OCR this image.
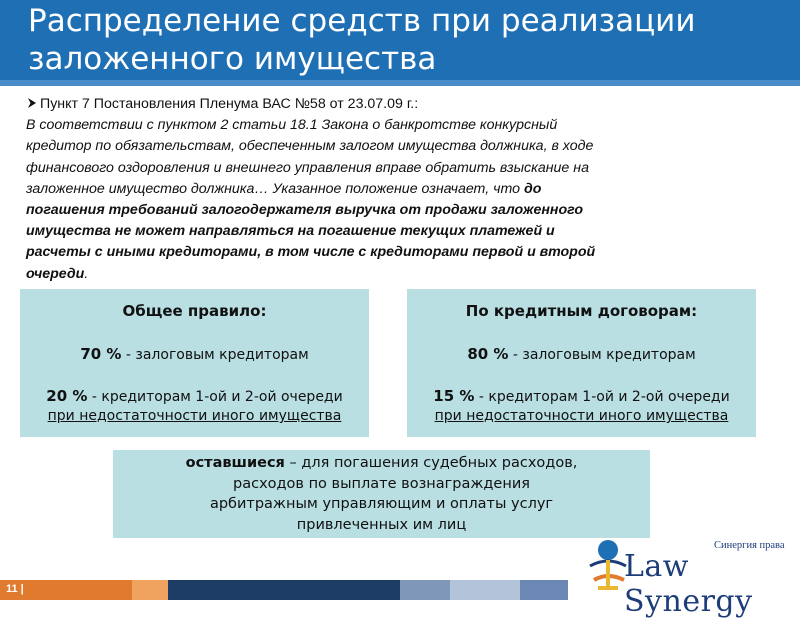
Распределение средств при реализации
заложенного имущества
Пункт 7 Постановления Пленума ВАС №58 от 23.07.09 г.:
В соответствии с пунктом 2 статьи 18.1 Закона о банкротстве конкурсный
кредитор по обязательствам, обеспеченным залогом имущества должника, в ходе
финансового оздоровления и внешнего управления вправе обратить взыскание на
заложенное имущество должника… Указанное положение означает, что до
погашения требований залогодержателя выручка от продажи заложенного
имущества не может направляться на погашение текущих платежей и
расчеты с иными кредиторами, в том числе с кредиторами первой и второй
очереди.
Общее правило:
70 % - залоговым кредиторам
20 % - кредиторам 1-ой и 2-ой очереди
при недостаточности иного имущества
По кредитным договорам:
80 % - залоговым кредиторам
15 % - кредиторам 1-ой и 2-ой очереди
при недостаточности иного имущества
оставшиеся – для погашения судебных расходов,
расходов по выплате вознаграждения
арбитражным управляющим и оплаты услуг
привлеченных им лиц
11 |
Синергия права
Law Synergy
